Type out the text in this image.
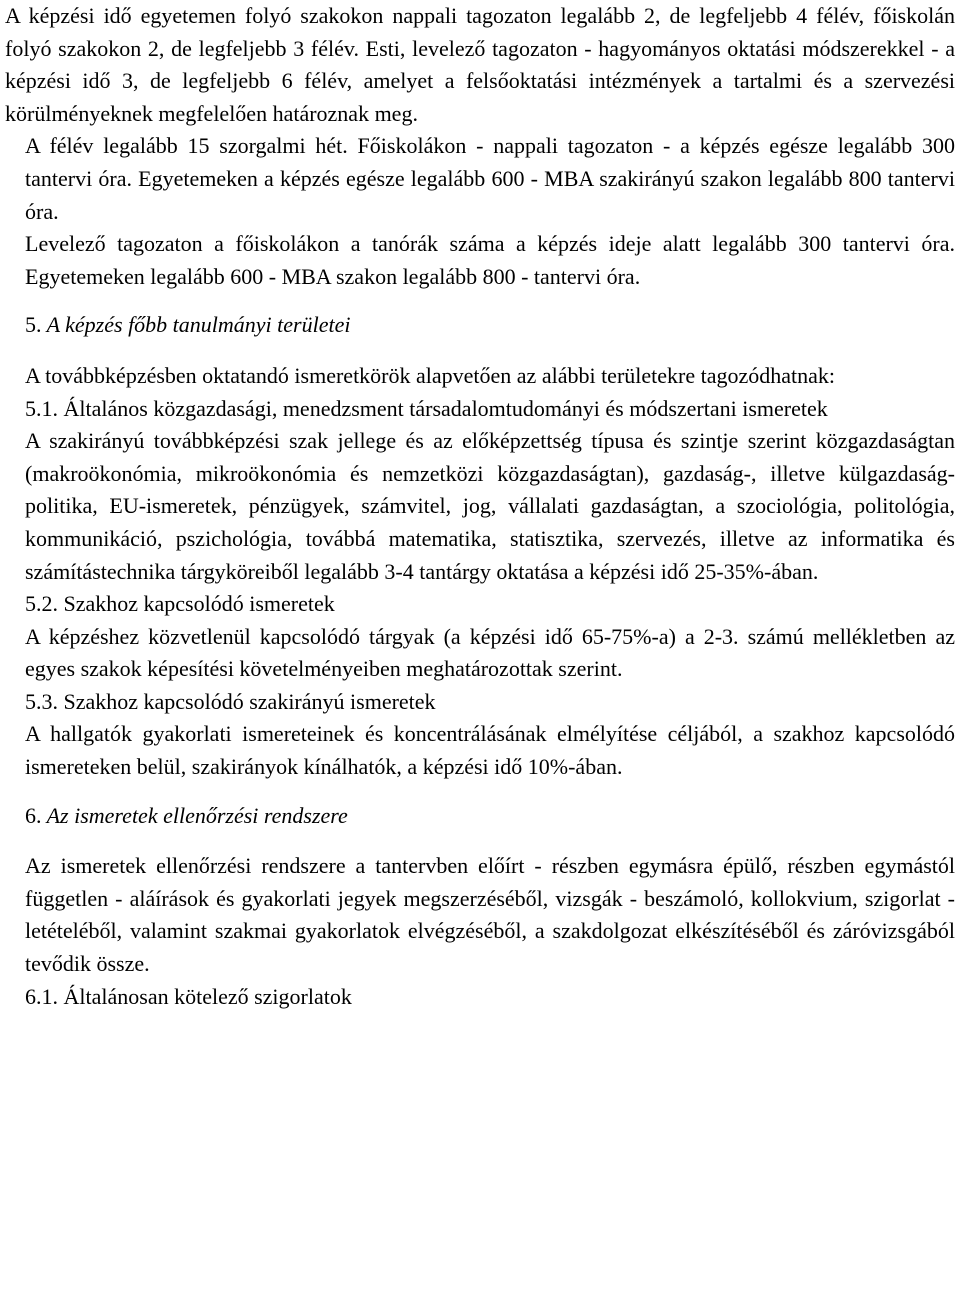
A képzési idő egyetemen folyó szakokon nappali tagozaton legalább 2, de legfeljebb 4 félév, főiskolán folyó szakokon 2, de legfeljebb 3 félév. Esti, levelező tagozaton - hagyományos oktatási módszerekkel - a képzési idő 3, de legfeljebb 6 félév, amelyet a felsőoktatási intézmények a tartalmi és a szervezési körülményeknek megfelelően határoznak meg.

A félév legalább 15 szorgalmi hét. Főiskolákon - nappali tagozaton - a képzés egésze legalább 300 tantervi óra. Egyetemeken a képzés egésze legalább 600 - MBA szakirányú szakon legalább 800 tantervi óra.

Levelező tagozaton a főiskolákon a tanórák száma a képzés ideje alatt legalább 300 tantervi óra. Egyetemeken legalább 600 - MBA szakon legalább 800 - tantervi óra.

5. A képzés főbb tanulmányi területei

A továbbképzésben oktatandó ismeretkörök alapvetően az alábbi területekre tagozódhatnak:

5.1. Általános közgazdasági, menedzsment társadalomtudományi és módszertani ismeretek

A szakirányú továbbképzési szak jellege és az előképzettség típusa és szintje szerint közgazdaságtan (makroökonómia, mikroökonómia és nemzetközi közgazdaságtan), gazdaság-, illetve külgazdaság-politika, EU-ismeretek, pénzügyek, számvitel, jog, vállalati gazdaságtan, a szociológia, politológia, kommunikáció, pszichológia, továbbá matematika, statisztika, szervezés, illetve az informatika és számítástechnika tárgyköreiből legalább 3-4 tantárgy oktatása a képzési idő 25-35%-ában.

5.2. Szakhoz kapcsolódó ismeretek

A képzéshez közvetlenül kapcsolódó tárgyak (a képzési idő 65-75%-a) a 2-3. számú mellékletben az egyes szakok képesítési követelményeiben meghatározottak szerint.

5.3. Szakhoz kapcsolódó szakirányú ismeretek

A hallgatók gyakorlati ismereteinek és koncentrálásának elmélyítése céljából, a szakhoz kapcsolódó ismereteken belül, szakirányok kínálhatók, a képzési idő 10%-ában.

6. Az ismeretek ellenőrzési rendszere

Az ismeretek ellenőrzési rendszere a tantervben előírt - részben egymásra épülő, részben egymástól független - aláírások és gyakorlati jegyek megszerzéséből, vizsgák - beszámoló, kollokvium, szigorlat - letételéből, valamint szakmai gyakorlatok elvégzéséből, a szakdolgozat elkészítéséből és záróvizsgából tevődik össze.

6.1. Általánosan kötelező szigorlatok
